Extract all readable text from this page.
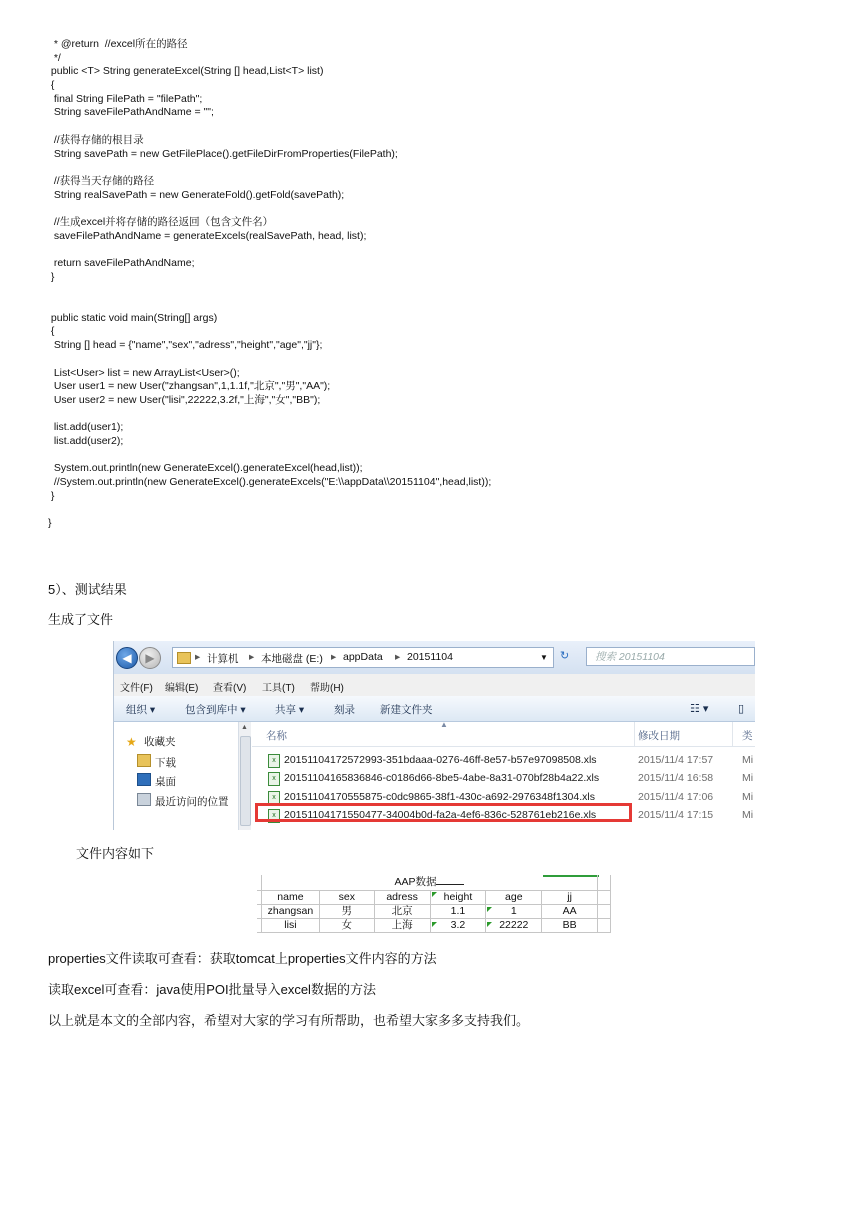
* @return  //excel所在的路径
*/
public <T> String generateExcel(String [] head,List<T> list)
{
final String FilePath = "filePath";
String saveFilePathAndName = "";
//获得存储的根目录
String savePath = new GetFilePlace().getFileDirFromProperties(FilePath);
//获得当天存储的路径
String realSavePath = new GenerateFold().getFold(savePath);
//生成excel并将存储的路径返回（包含文件名）
saveFilePathAndName = generateExcels(realSavePath, head, list);
return saveFilePathAndName;
}
public static void main(String[] args)
{
String [] head = {"name","sex","adress","height","age","jj"};
List<User> list = new ArrayList<User>();
User user1 = new User("zhangsan",1,1.1f,"北京","男","AA");
User user2 = new User("lisi",22222,3.2f,"上海","女","BB");
list.add(user1);
list.add(user2);
System.out.println(new GenerateExcel().generateExcel(head,list));
//System.out.println(new GenerateExcel().generateExcels("E:\\appData\\20151104",head,list));
}
}
5）、测试结果
生成了文件
◀	▶	▸ 计算机 ▸ 本地磁盘 (E:) ▸ appData ▸ 20151104	▼ ↻	搜索 20151104
文件(F) 编辑(E) 查看(V) 工具(T) 帮助(H)
组织 ▾	包含到库中 ▾	共享 ▾	刻录 新建文件夹	☷ ▾	▯
★ 收藏夹
下载
桌面
最近访问的位置
▲
名称
▲
修改日期	类
x 20151104172572993-351bdaaa-0276-46ff-8e57-b57e97098508.xls	2015/11/4 17:57	Mi
x 20151104165836846-c0186d66-8be5-4abe-8a31-070bf28b4a22.xls	2015/11/4 16:58	Mi
x 20151104170555875-c0dc9865-38f1-430c-a692-2976348f1304.xls	2015/11/4 17:06	Mi
x 20151104171550477-34004b0d-fa2a-4ef6-836c-528761eb216e.xls	2015/11/4 17:15	Mi
文件内容如下
	AAP数据						
	name	sex	adress	height	age	jj	
	zhangsan	男	北京	1.1	1	AA	
	lisi	女	上海	3.2	22222	BB	
properties文件读取可查看：获取tomcat上properties文件内容的方法
读取excel可查看：java使用POI批量导入excel数据的方法
以上就是本文的全部内容，希望对大家的学习有所帮助，也希望大家多多支持我们。
